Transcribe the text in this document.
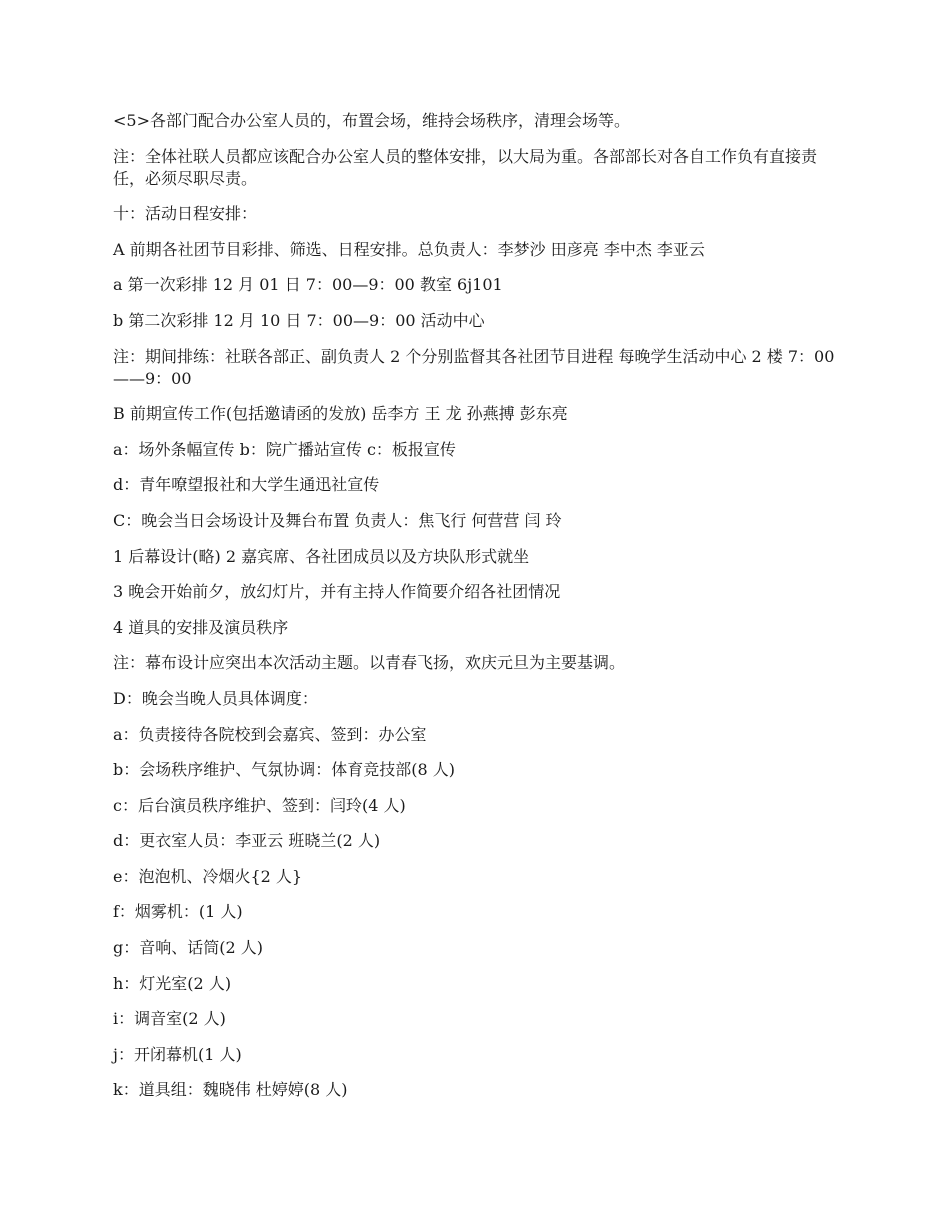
<5>各部门配合办公室人员的，布置会场，维持会场秩序，清理会场等。

注：全体社联人员都应该配合办公室人员的整体安排，以大局为重。各部部长对各自工作负有直接责任，必须尽职尽责。

十：活动日程安排：

A 前期各社团节目彩排、筛选、日程安排。总负责人：李梦沙 田彦亮 李中杰 李亚云

a 第一次彩排 12 月 01 日 7：00—9：00 教室 6j101

b 第二次彩排 12 月 10 日 7：00—9：00 活动中心

注：期间排练：社联各部正、副负责人 2 个分别监督其各社团节目进程 每晚学生活动中心 2 楼 7：00——9：00

B 前期宣传工作(包括邀请函的发放) 岳李方 王 龙 孙燕搏 彭东亮

a：场外条幅宣传 b：院广播站宣传 c：板报宣传

d：青年嘹望报社和大学生通迅社宣传

C：晚会当日会场设计及舞台布置 负责人：焦飞行 何营营 闫 玲

1 后幕设计(略) 2 嘉宾席、各社团成员以及方块队形式就坐

3 晚会开始前夕，放幻灯片，并有主持人作简要介绍各社团情况

4 道具的安排及演员秩序

注：幕布设计应突出本次活动主题。以青春飞扬，欢庆元旦为主要基调。

D：晚会当晚人员具体调度：

a：负责接待各院校到会嘉宾、签到：办公室

b：会场秩序维护、气氛协调：体育竞技部(8 人)

c：后台演员秩序维护、签到：闫玲(4 人)

d：更衣室人员：李亚云 班晓兰(2 人)

e：泡泡机、冷烟火{2 人}

f：烟雾机：(1 人)

g：音响、话筒(2 人)

h：灯光室(2 人)

i：调音室(2 人)

j：开闭幕机(1 人)

k：道具组：魏晓伟 杜婷婷(8 人)
